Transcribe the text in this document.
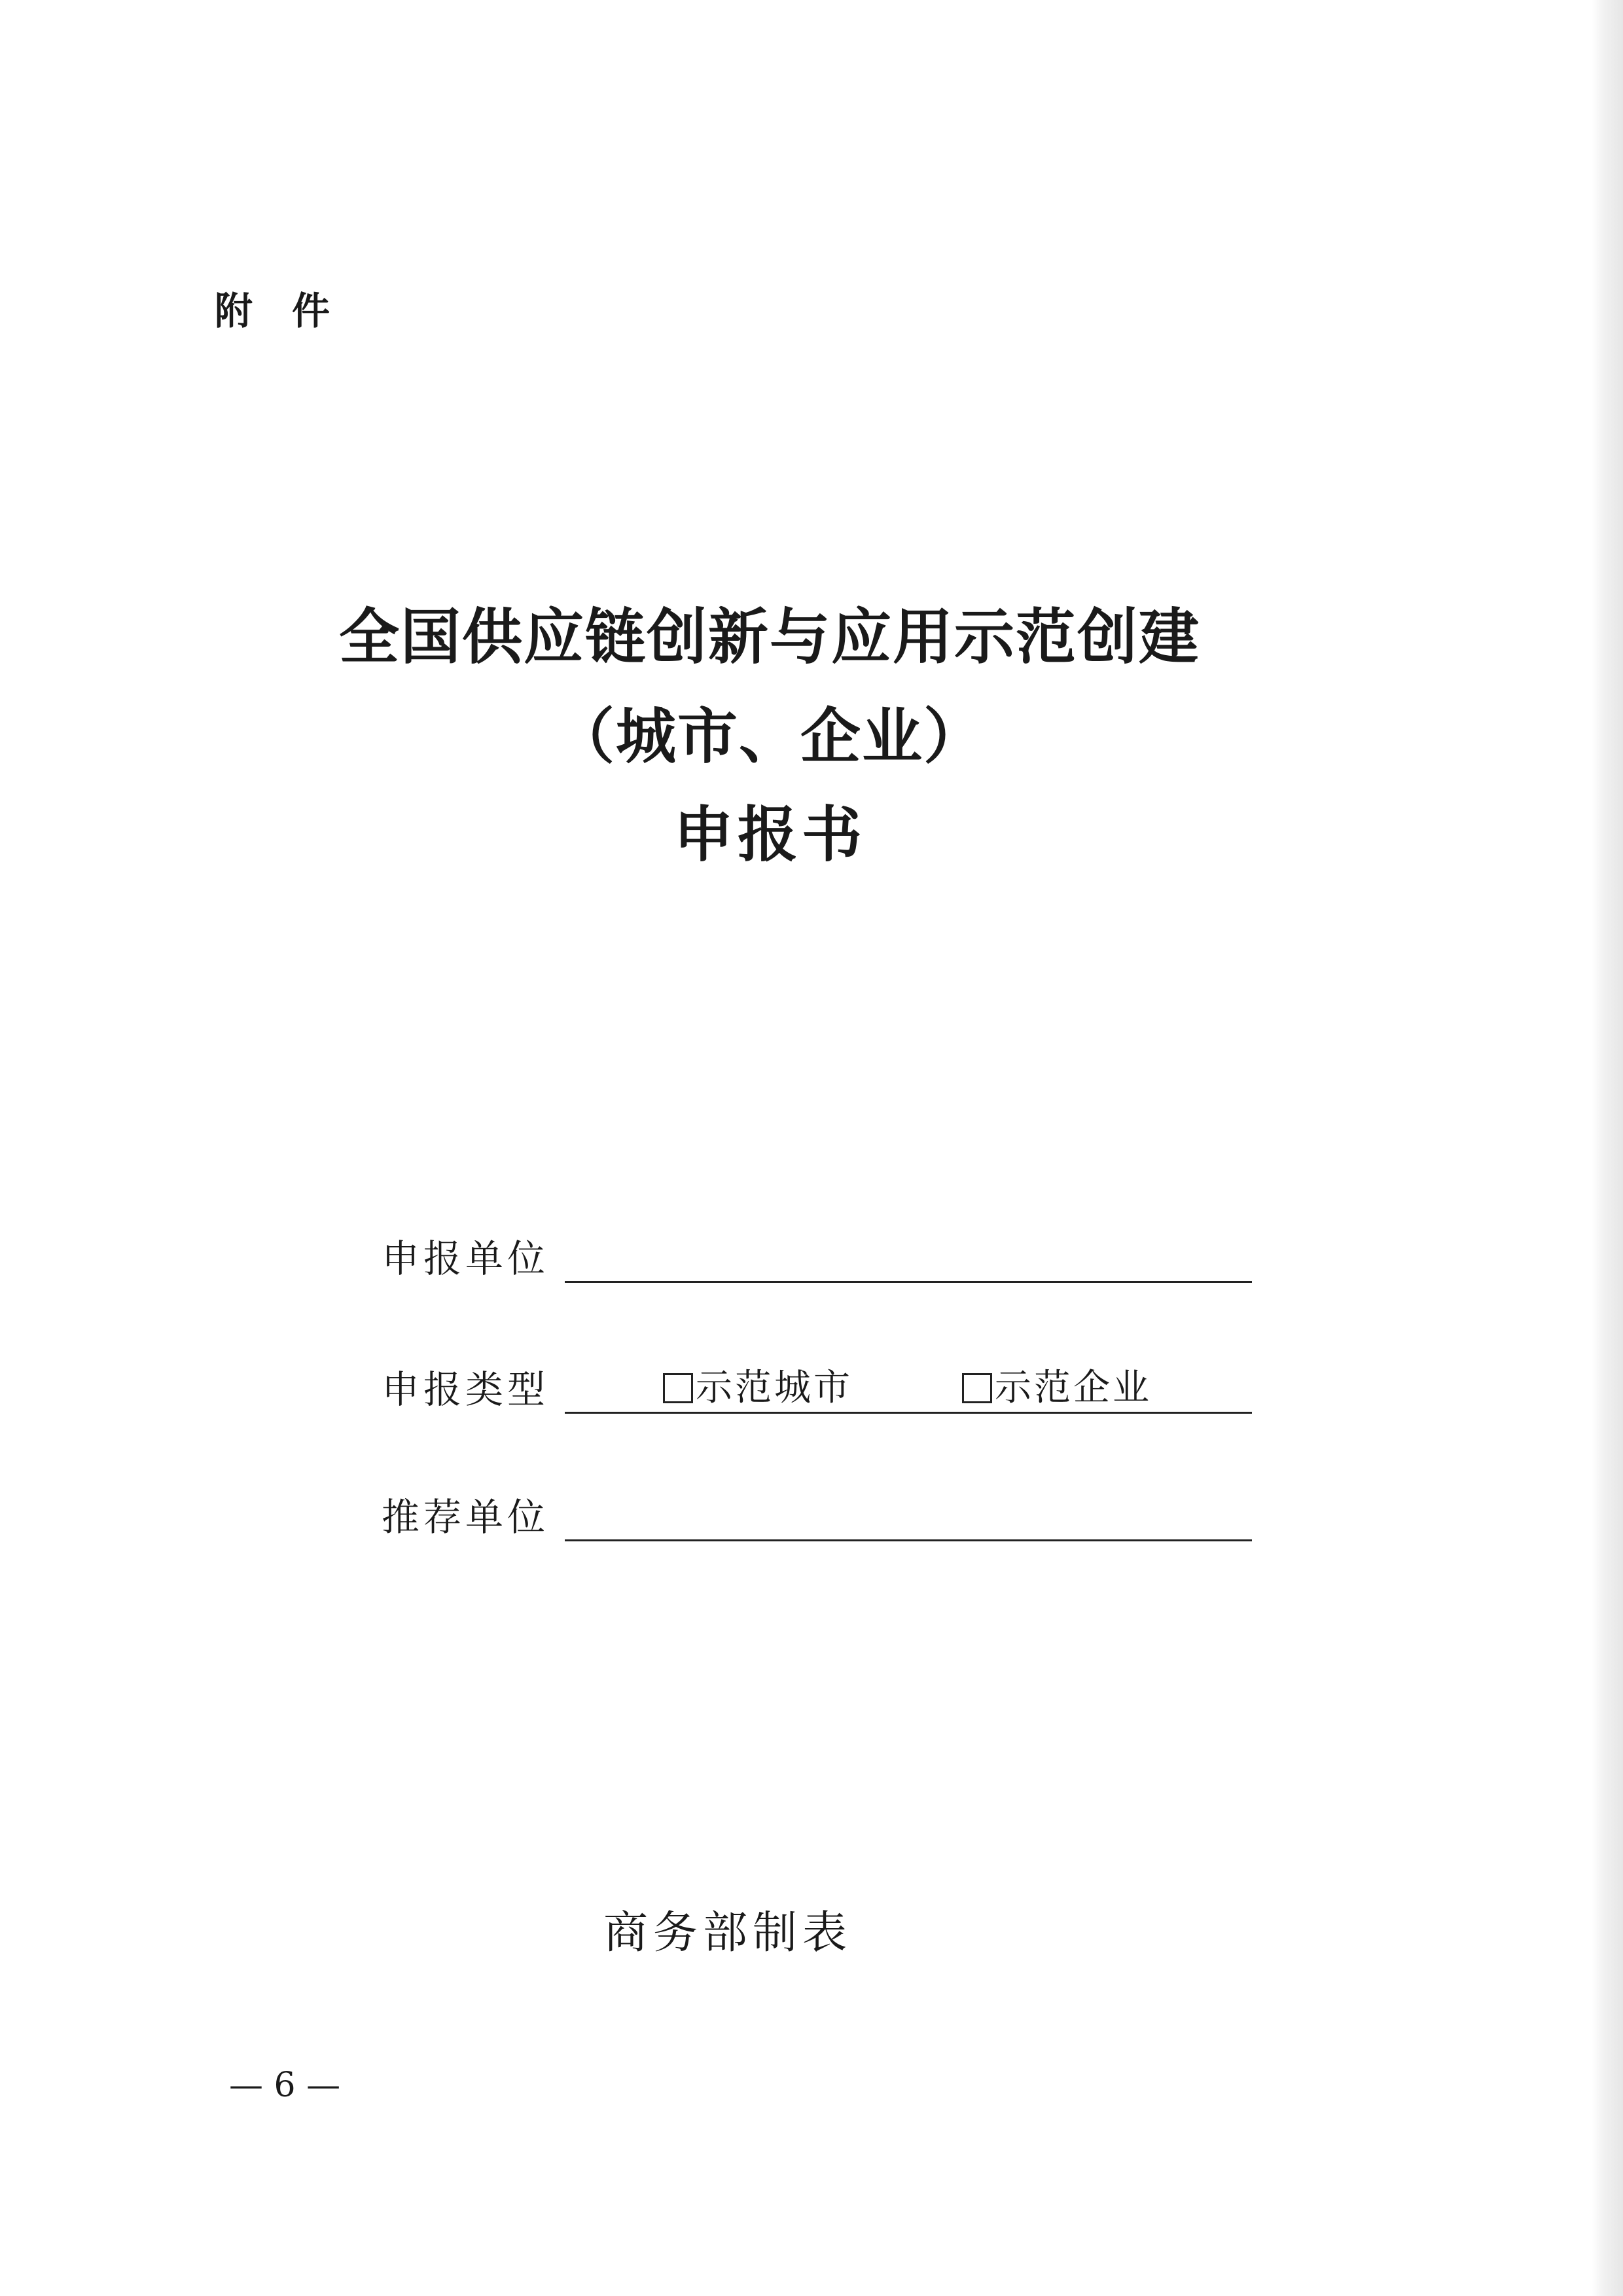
附件
全国供应链创新与应用示范创建
（城市、企业）
申报书
申报单位
申报类型	示范城市	示范企业
推荐单位
商务部制表
— 6 —
